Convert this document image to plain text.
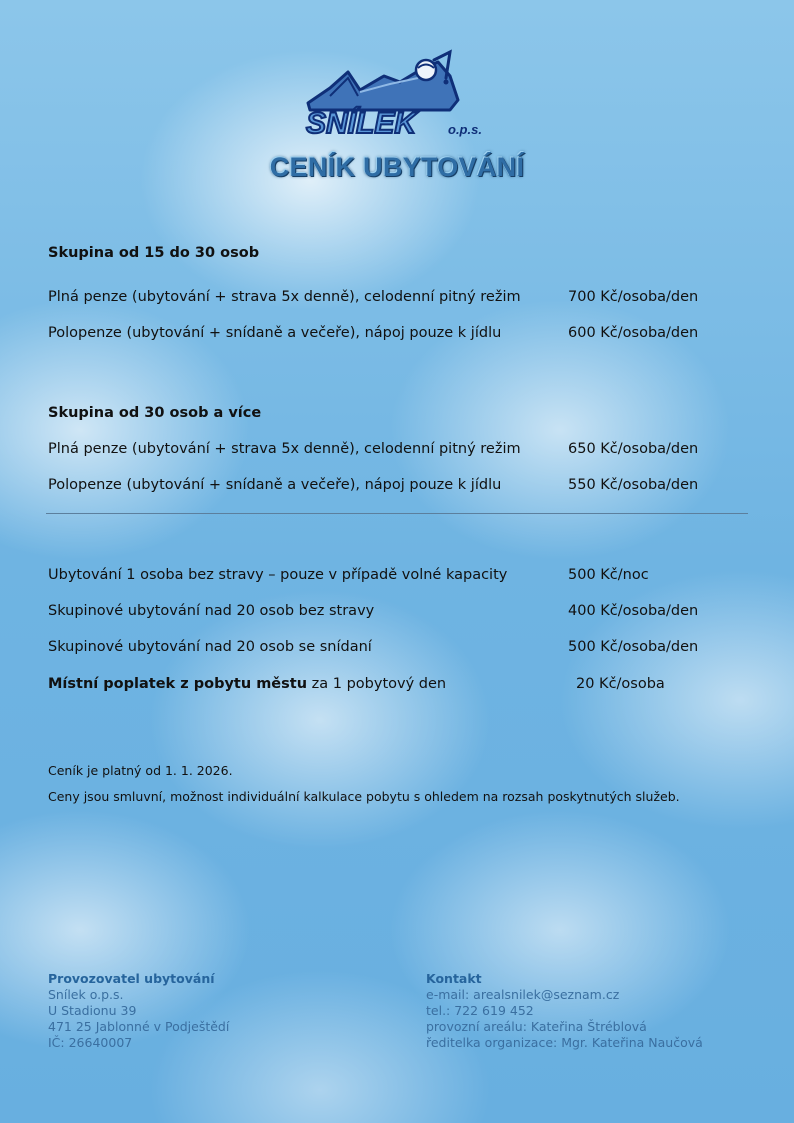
SNÍLEK o.p.s.
CENÍK UBYTOVÁNÍ
Skupina od 15 do 30 osob
Plná penze (ubytování + strava 5x denně), celodenní pitný režim	700 Kč/osoba/den
Polopenze (ubytování + snídaně a večeře), nápoj pouze k jídlu	600 Kč/osoba/den
Skupina od 30 osob a více
Plná penze (ubytování + strava 5x denně), celodenní pitný režim	650 Kč/osoba/den
Polopenze (ubytování + snídaně a večeře), nápoj pouze k jídlu	550 Kč/osoba/den
Ubytování 1 osoba bez stravy – pouze v případě volné kapacity	500 Kč/noc
Skupinové ubytování nad 20 osob bez stravy	400 Kč/osoba/den
Skupinové ubytování nad 20 osob se snídaní	500 Kč/osoba/den
Místní poplatek z pobytu městu za 1 pobytový den	20 Kč/osoba
Ceník je platný od 1. 1. 2026.
Ceny jsou smluvní, možnost individuální kalkulace pobytu s ohledem na rozsah poskytnutých služeb.
Provozovatel ubytování
Snílek o.p.s.
U Stadionu 39
471 25 Jablonné v Podještědí
IČ: 26640007
Kontakt
e-mail: arealsnilek@seznam.cz
tel.: 722 619 452
provozní areálu: Kateřina Štréblová
ředitelka organizace: Mgr. Kateřina Naučová
